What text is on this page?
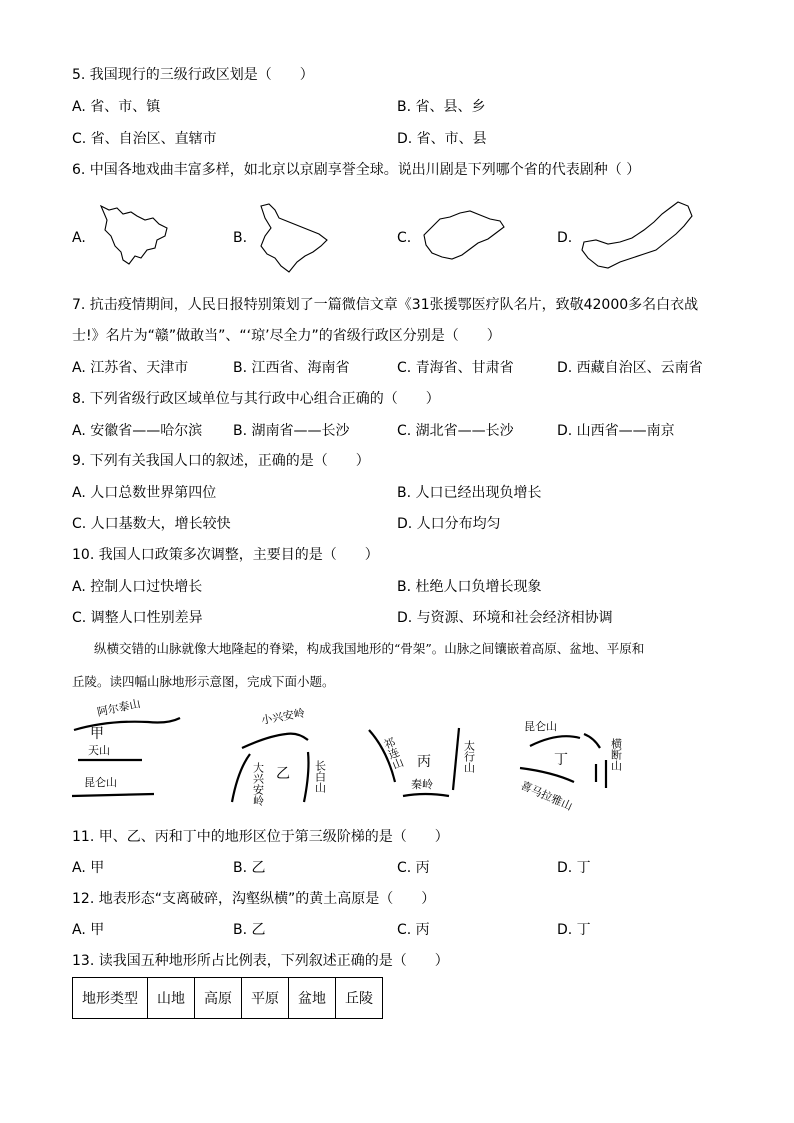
5. 我国现行的三级行政区划是（　　）
A. 省、市、镇	B. 省、县、乡
C. 省、自治区、直辖市	D. 省、市、县
6. 中国各地戏曲丰富多样，如北京以京剧享誉全球。说出川剧是下列哪个省的代表剧种（ ）
A.	B.	C.	D.
7. 抗击疫情期间，人民日报特别策划了一篇微信文章《31张援鄂医疗队名片，致敬42000多名白衣战
士!》名片为“赣”做敢当”、“‘琼’尽全力”的省级行政区分别是（　　）
A. 江苏省、天津市	B. 江西省、海南省	C. 青海省、甘肃省	D. 西藏自治区、云南省
8. 下列省级行政区域单位与其行政中心组合正确的（　　）
A. 安徽省——哈尔滨 B. 湖南省——长沙	C. 湖北省——长沙	D. 山西省——南京
9. 下列有关我国人口的叙述，正确的是（　　）
A. 人口总数世界第四位	B. 人口已经出现负增长
C. 人口基数大，增长较快	D. 人口分布均匀
10. 我国人口政策多次调整，主要目的是（　　）
A. 控制人口过快增长	B. 杜绝人口负增长现象
C. 调整人口性别差异	D. 与资源、环境和社会经济相协调
纵横交错的山脉就像大地隆起的脊梁，构成我国地形的“骨架”。山脉之间镶嵌着高原、盆地、平原和
丘陵。读四幅山脉地形示意图，完成下面小题。
阿尔泰山
甲
天山
昆仑山
小兴安岭
大兴安岭 乙 长白山
祁连山 丙	太行山
秦岭
昆仑山
丁
喜马拉雅山
横断山
11. 甲、乙、丙和丁中的地形区位于第三级阶梯的是（　　）
A. 甲	B. 乙	C. 丙	D. 丁
12. 地表形态“支离破碎，沟壑纵横”的黄土高原是（　　）
A. 甲	B. 乙	C. 丙	D. 丁
13. 读我国五种地形所占比例表，下列叙述正确的是（　　）
地形类型	山地	高原	平原	盆地	丘陵
